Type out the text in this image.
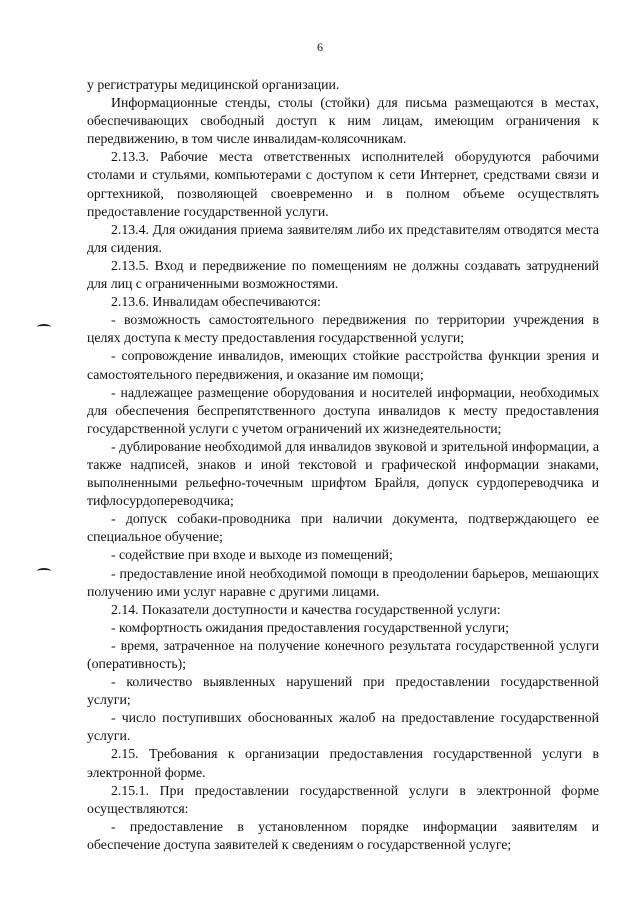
6

у регистратуры медицинской организации.

Информационные стенды, столы (стойки) для письма размещаются в местах, обеспечивающих свободный доступ к ним лицам, имеющим ограничения к передвижению, в том числе инвалидам-колясочникам.

2.13.3. Рабочие места ответственных исполнителей оборудуются рабочими столами и стульями, компьютерами с доступом к сети Интернет, средствами связи и оргтехникой, позволяющей своевременно и в полном объеме осуществлять предоставление государственной услуги.

2.13.4. Для ожидания приема заявителям либо их представителям отводятся места для сидения.

2.13.5. Вход и передвижение по помещениям не должны создавать затруднений для лиц с ограниченными возможностями.

2.13.6. Инвалидам обеспечиваются:

- возможность самостоятельного передвижения по территории учреждения в целях доступа к месту предоставления государственной услуги;

- сопровождение инвалидов, имеющих стойкие расстройства функции зрения и самостоятельного передвижения, и оказание им помощи;

- надлежащее размещение оборудования и носителей информации, необходимых для обеспечения беспрепятственного доступа инвалидов к месту предоставления государственной услуги с учетом ограничений их жизнедеятельности;

- дублирование необходимой для инвалидов звуковой и зрительной информации, а также надписей, знаков и иной текстовой и графической информации знаками, выполненными рельефно-точечным шрифтом Брайля, допуск сурдопереводчика и тифлосурдопереводчика;

- допуск собаки-проводника при наличии документа, подтверждающего ее специальное обучение;

- содействие при входе и выходе из помещений;

- предоставление иной необходимой помощи в преодолении барьеров, мешающих получению ими услуг наравне с другими лицами.

2.14. Показатели доступности и качества государственной услуги:

- комфортность ожидания предоставления государственной услуги;

- время, затраченное на получение конечного результата государственной услуги (оперативность);

- количество выявленных нарушений при предоставлении государственной услуги;

- число поступивших обоснованных жалоб на предоставление государственной услуги.

2.15. Требования к организации предоставления государственной услуги в электронной форме.

2.15.1. При предоставлении государственной услуги в электронной форме осуществляются:

- предоставление в установленном порядке информации заявителям и обеспечение доступа заявителей к сведениям о государственной услуге;
